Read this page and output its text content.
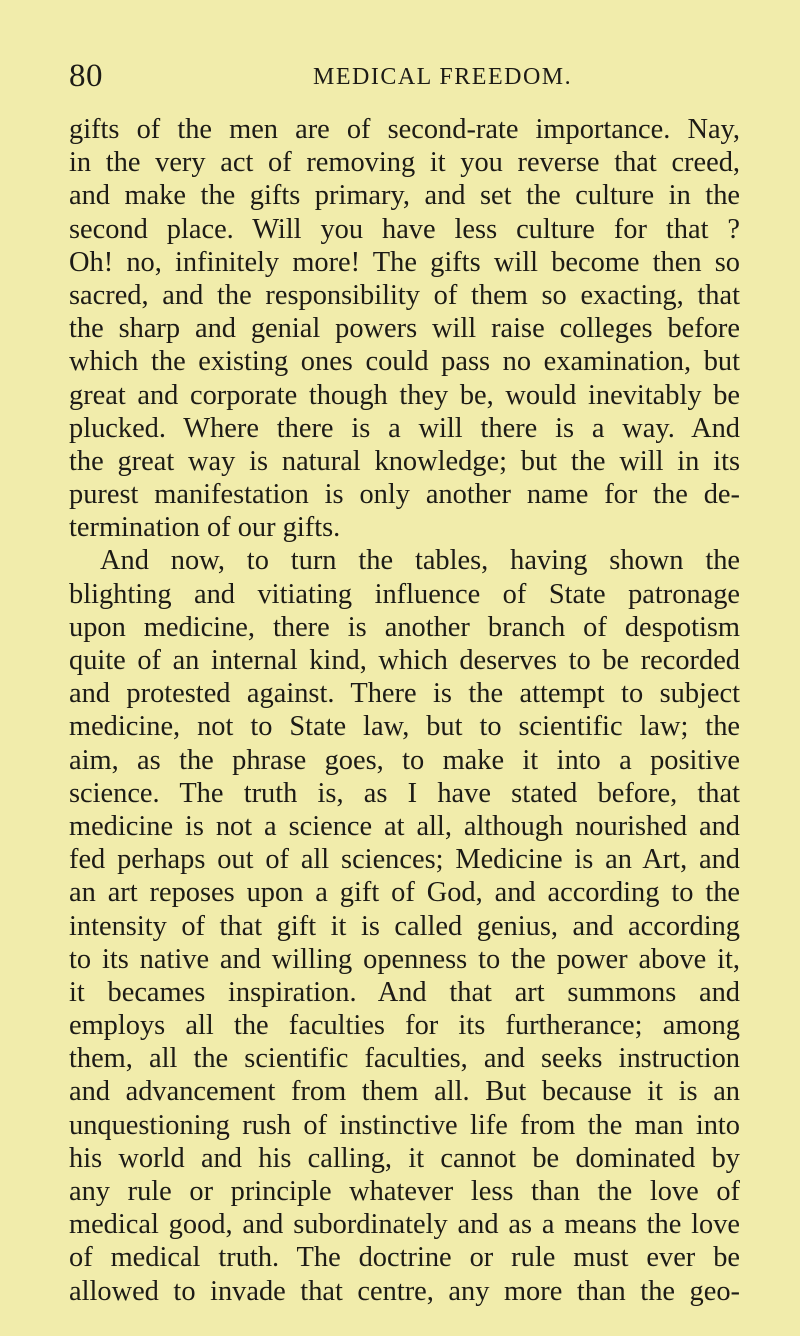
80	MEDICAL FREEDOM.
gifts of the men are of second-rate importance. Nay,
in the very act of removing it you reverse that creed,
and make the gifts primary, and set the culture in the
second place. Will you have less culture for that ?
Oh! no, infinitely more! The gifts will become then so
sacred, and the responsibility of them so exacting, that
the sharp and genial powers will raise colleges before
which the existing ones could pass no examination, but
great and corporate though they be, would inevitably be
plucked. Where there is a will there is a way. And
the great way is natural knowledge; but the will in its
purest manifestation is only another name for the de-
termination of our gifts.
And now, to turn the tables, having shown the
blighting and vitiating influence of State patronage
upon medicine, there is another branch of despotism
quite of an internal kind, which deserves to be recorded
and protested against. There is the attempt to subject
medicine, not to State law, but to scientific law; the
aim, as the phrase goes, to make it into a positive
science. The truth is, as I have stated before, that
medicine is not a science at all, although nourished and
fed perhaps out of all sciences; Medicine is an Art, and
an art reposes upon a gift of God, and according to the
intensity of that gift it is called genius, and according
to its native and willing openness to the power above it,
it becames inspiration. And that art summons and
employs all the faculties for its furtherance; among
them, all the scientific faculties, and seeks instruction
and advancement from them all. But because it is an
unquestioning rush of instinctive life from the man into
his world and his calling, it cannot be dominated by
any rule or principle whatever less than the love of
medical good, and subordinately and as a means the love
of medical truth. The doctrine or rule must ever be
allowed to invade that centre, any more than the geo-
